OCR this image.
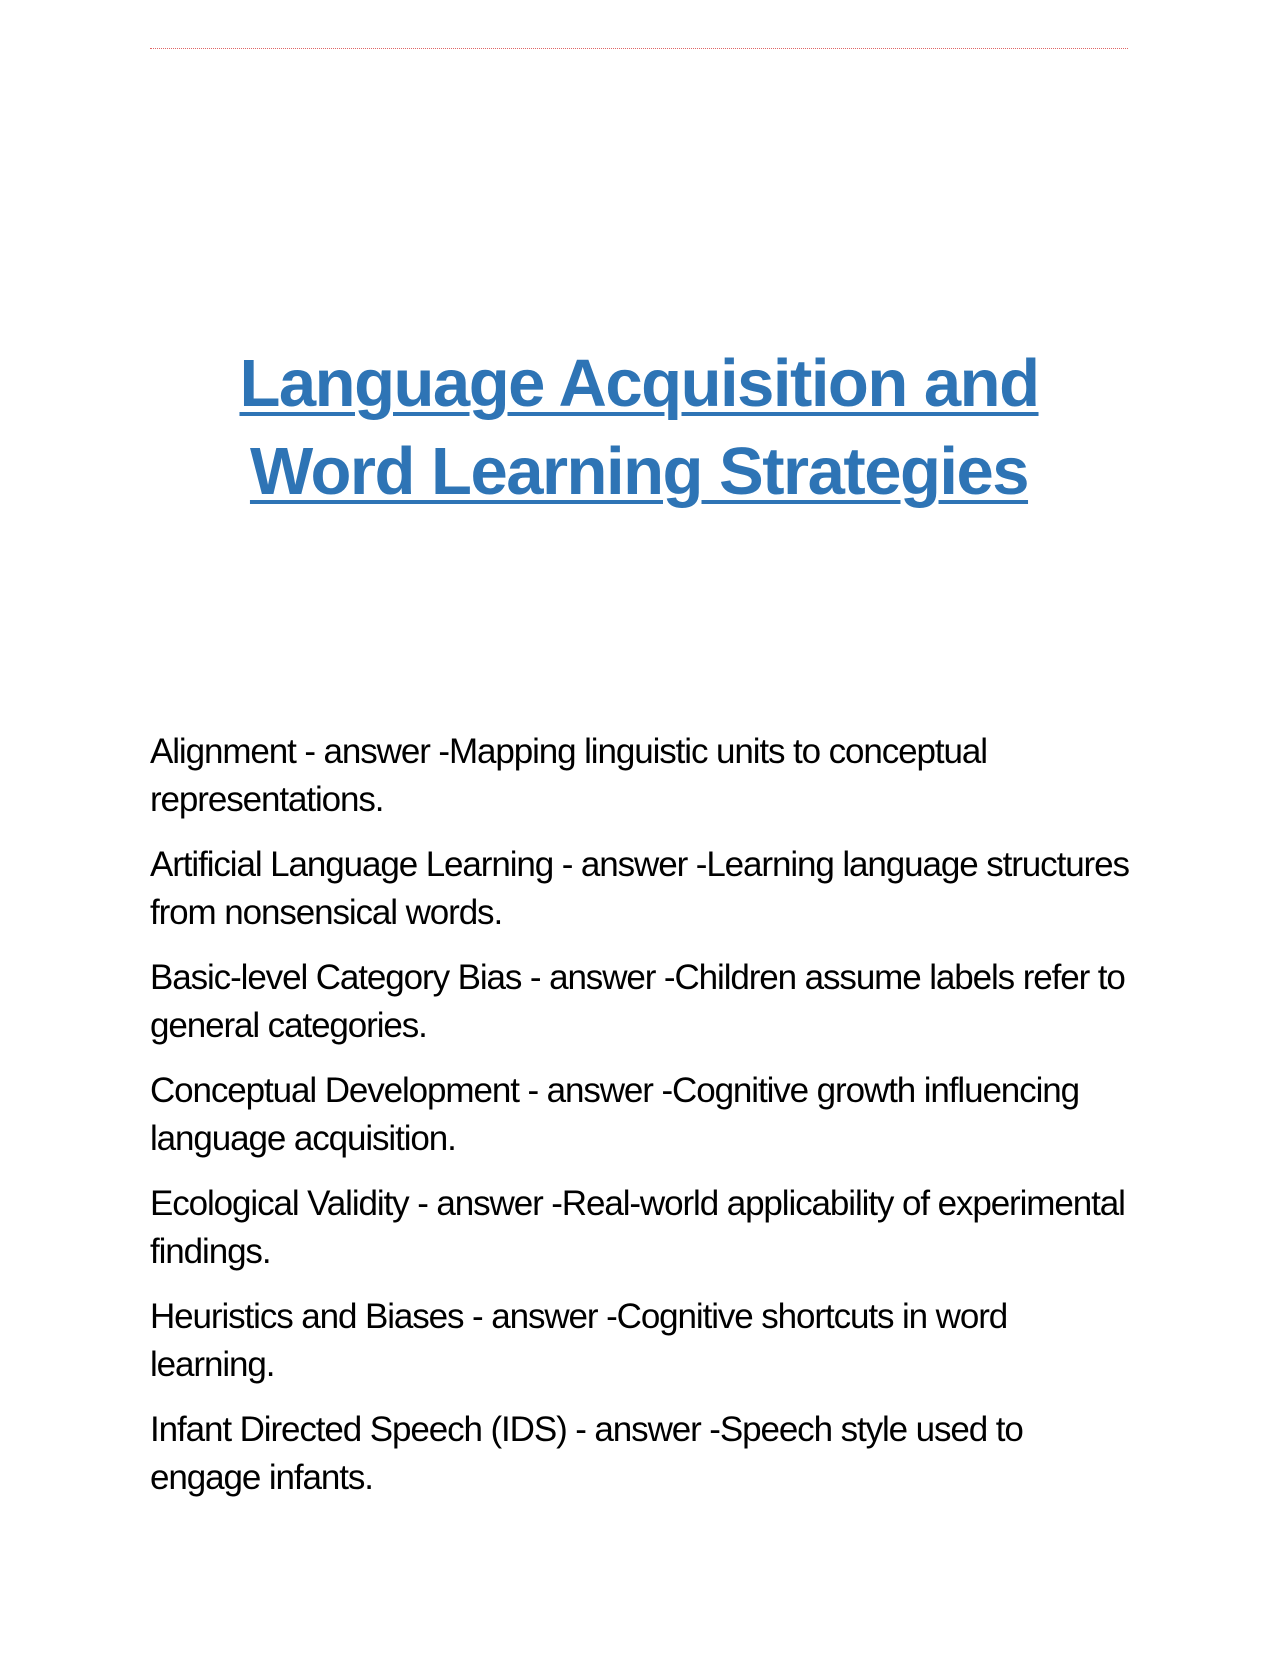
Language Acquisition and Word Learning Strategies
Alignment - answer -Mapping linguistic units to conceptual representations.
Artificial Language Learning - answer -Learning language structures from nonsensical words.
Basic-level Category Bias - answer -Children assume labels refer to general categories.
Conceptual Development - answer -Cognitive growth influencing language acquisition.
Ecological Validity - answer -Real-world applicability of experimental findings.
Heuristics and Biases - answer -Cognitive shortcuts in word learning.
Infant Directed Speech (IDS) - answer -Speech style used to engage infants.
